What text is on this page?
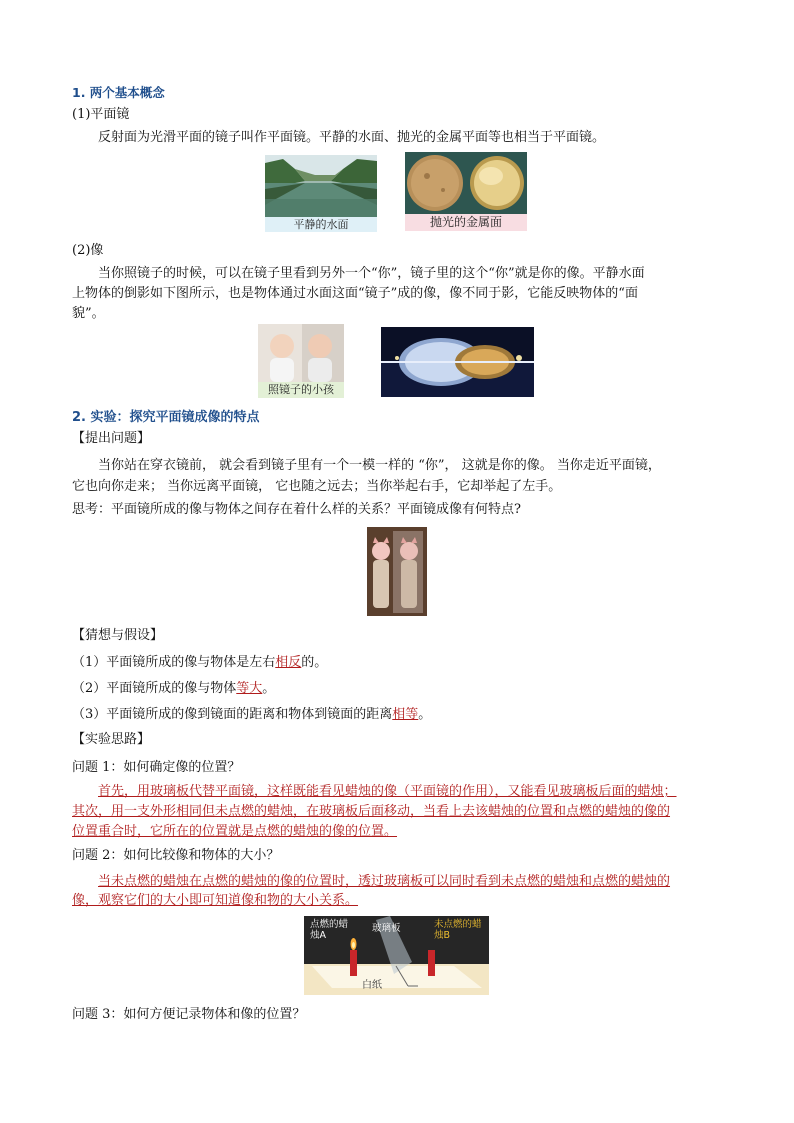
1. 两个基本概念
(1)平面镜
反射面为光滑平面的镜子叫作平面镜。平静的水面、抛光的金属平面等也相当于平面镜。
平静的水面	抛光的金属面
(2)像
当你照镜子的时候，可以在镜子里看到另外一个“你”，镜子里的这个“你”就是你的像。平静水面
上物体的倒影如下图所示，也是物体通过水面这面“镜子”成的像，像不同于影，它能反映物体的“面
貌”。
照镜子的小孩
2. 实验：探究平面镜成像的特点
【提出问题】
当你站在穿衣镜前， 就会看到镜子里有一个一模一样的 “你”， 这就是你的像。 当你走近平面镜，
它也向你走来； 当你远离平面镜， 它也随之远去；当你举起右手，它却举起了左手。
思考：平面镜所成的像与物体之间存在着什么样的关系？平面镜成像有何特点?
【猜想与假设】
（1）平面镜所成的像与物体是左右相反的。
（2）平面镜所成的像与物体等大。
（3）平面镜所成的像到镜面的距离和物体到镜面的距离相等。
【实验思路】
问题 1：如何确定像的位置？
首先，用玻璃板代替平面镜，这样既能看见蜡烛的像（平面镜的作用），又能看见玻璃板后面的蜡烛；
其次，用一支外形相同但未点燃的蜡烛，在玻璃板后面移动，当看上去该蜡烛的位置和点燃的蜡烛的像的
位置重合时，它所在的位置就是点燃的蜡烛的像的位置。
问题 2：如何比较像和物体的大小？
当未点燃的蜡烛在点燃的蜡烛的像的位置时，透过玻璃板可以同时看到未点燃的蜡烛和点燃的蜡烛的
像，观察它们的大小即可知道像和物的大小关系。
点燃的蜡烛A
玻璃板	未点燃的蜡烛B
白纸
问题 3：如何方便记录物体和像的位置？
